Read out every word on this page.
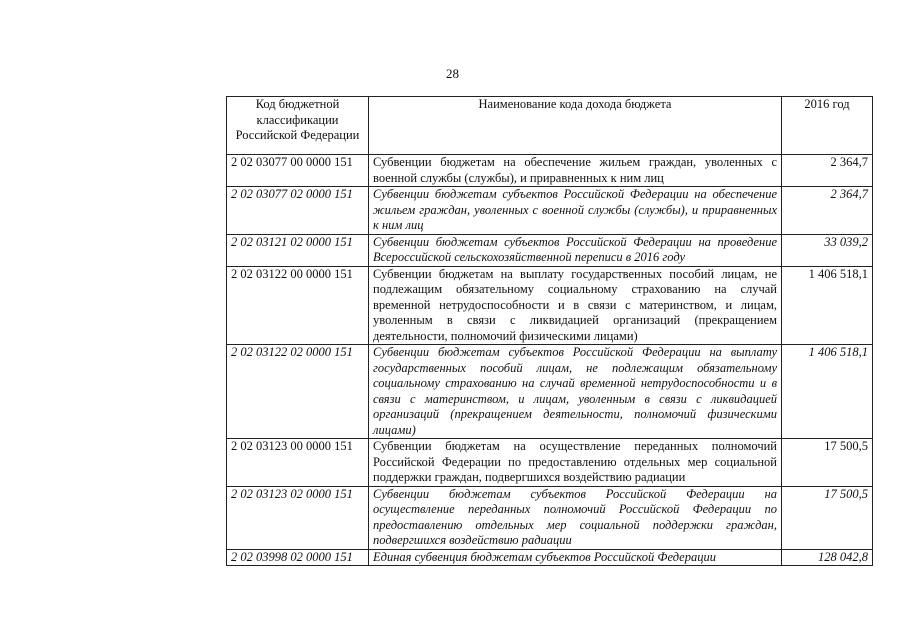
28
Код бюджетной классификации Российской Федерации	Наименование кода дохода бюджета	2016 год
2 02 03077 00 0000 151	Субвенции бюджетам на обеспечение жильем граждан, уволенных с военной службы (службы), и приравненных к ним лиц	2 364,7
2 02 03077 02 0000 151	Субвенции бюджетам субъектов Российской Федерации на обеспечение жильем граждан, уволенных с военной службы (службы), и приравненных к ним лиц	2 364,7
2 02 03121 02 0000 151	Субвенции бюджетам субъектов Российской Федерации на проведение Всероссийской сельскохозяйственной переписи в 2016 году	33 039,2
2 02 03122 00 0000 151	Субвенции бюджетам на выплату государственных пособий лицам, не подлежащим обязательному социальному страхованию на случай временной нетрудоспособности и в связи с материнством, и лицам, уволенным в связи с ликвидацией организаций (прекращением деятельности, полномочий физическими лицами)	1 406 518,1
2 02 03122 02 0000 151	Субвенции бюджетам субъектов Российской Федерации на выплату государственных пособий лицам, не подлежащим обязательному социальному страхованию на случай временной нетрудоспособности и в связи с материнством, и лицам, уволенным в связи с ликвидацией организаций (прекращением деятельности, полномочий физическими лицами)	1 406 518,1
2 02 03123 00 0000 151	Субвенции бюджетам на осуществление переданных полномочий Российской Федерации по предоставлению отдельных мер социальной поддержки граждан, подвергшихся воздействию радиации	17 500,5
2 02 03123 02 0000 151	Субвенции бюджетам субъектов Российской Федерации на осуществление переданных полномочий Российской Федерации по предоставлению отдельных мер социальной поддержки граждан, подвергшихся воздействию радиации	17 500,5
2 02 03998 02 0000 151	Единая субвенция бюджетам субъектов Российской Федерации	128 042,8
